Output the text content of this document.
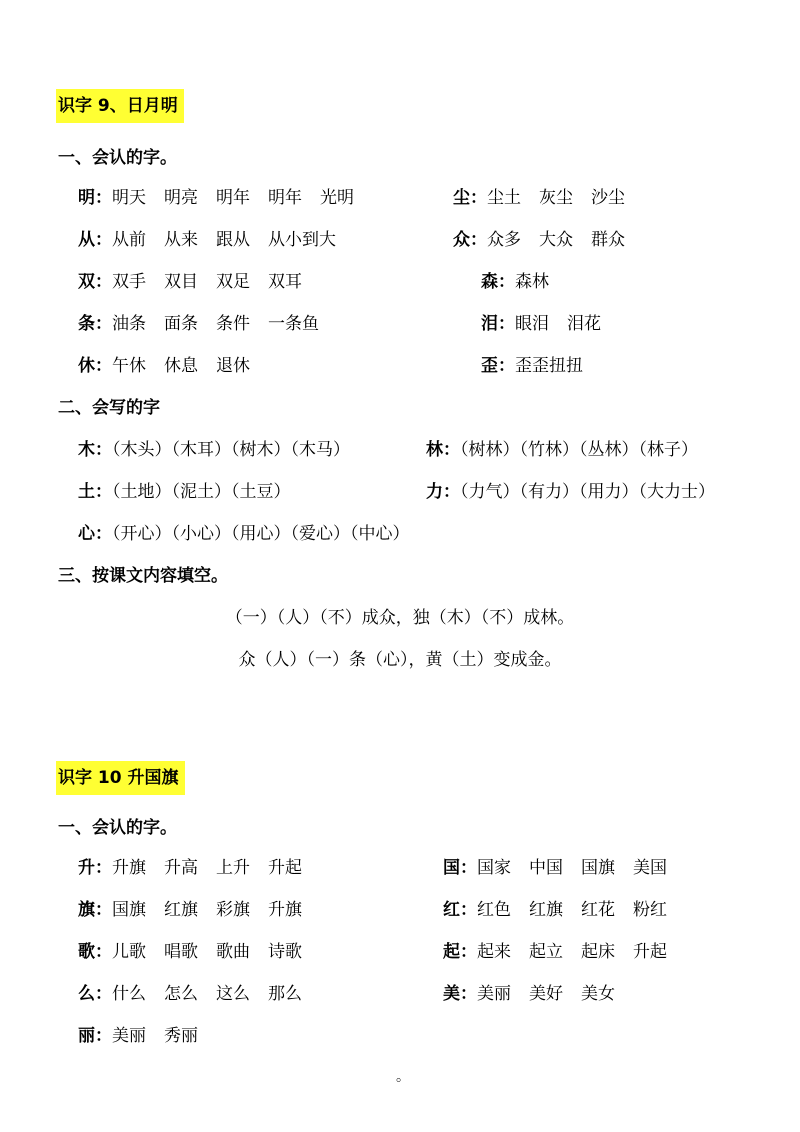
识字 9、日月明
一、会认的字。
明：明天 明亮 明年 明年 光明
从：从前 从来 跟从 从小到大
双：双手 双目 双足 双耳
条：油条 面条 条件 一条鱼
休：午休 休息 退休
尘：尘土 灰尘 沙尘
众：众多 大众 群众
森：森林
泪：眼泪 泪花
歪：歪歪扭扭
二、会写的字
木：（木头）（木耳）（树木）（木马）
土：（土地）（泥土）（土豆）
心：（开心）（小心）（用心）（爱心）（中心）
林：（树林）（竹林）（丛林）（林子）
力：（力气）（有力）（用力）（大力士）
三、按课文内容填空。
（一）（人）（不）成众，独（木）（不）成林。
众（人）（一）条（心），黄（土）变成金。
识字 10 升国旗
一、会认的字。
升：升旗 升高 上升 升起
旗：国旗 红旗 彩旗 升旗
歌：儿歌 唱歌 歌曲 诗歌
么：什么 怎么 这么 那么
丽：美丽 秀丽
国：国家 中国 国旗 美国
红：红色 红旗 红花 粉红
起：起来 起立 起床 升起
美：美丽 美好 美女
。
